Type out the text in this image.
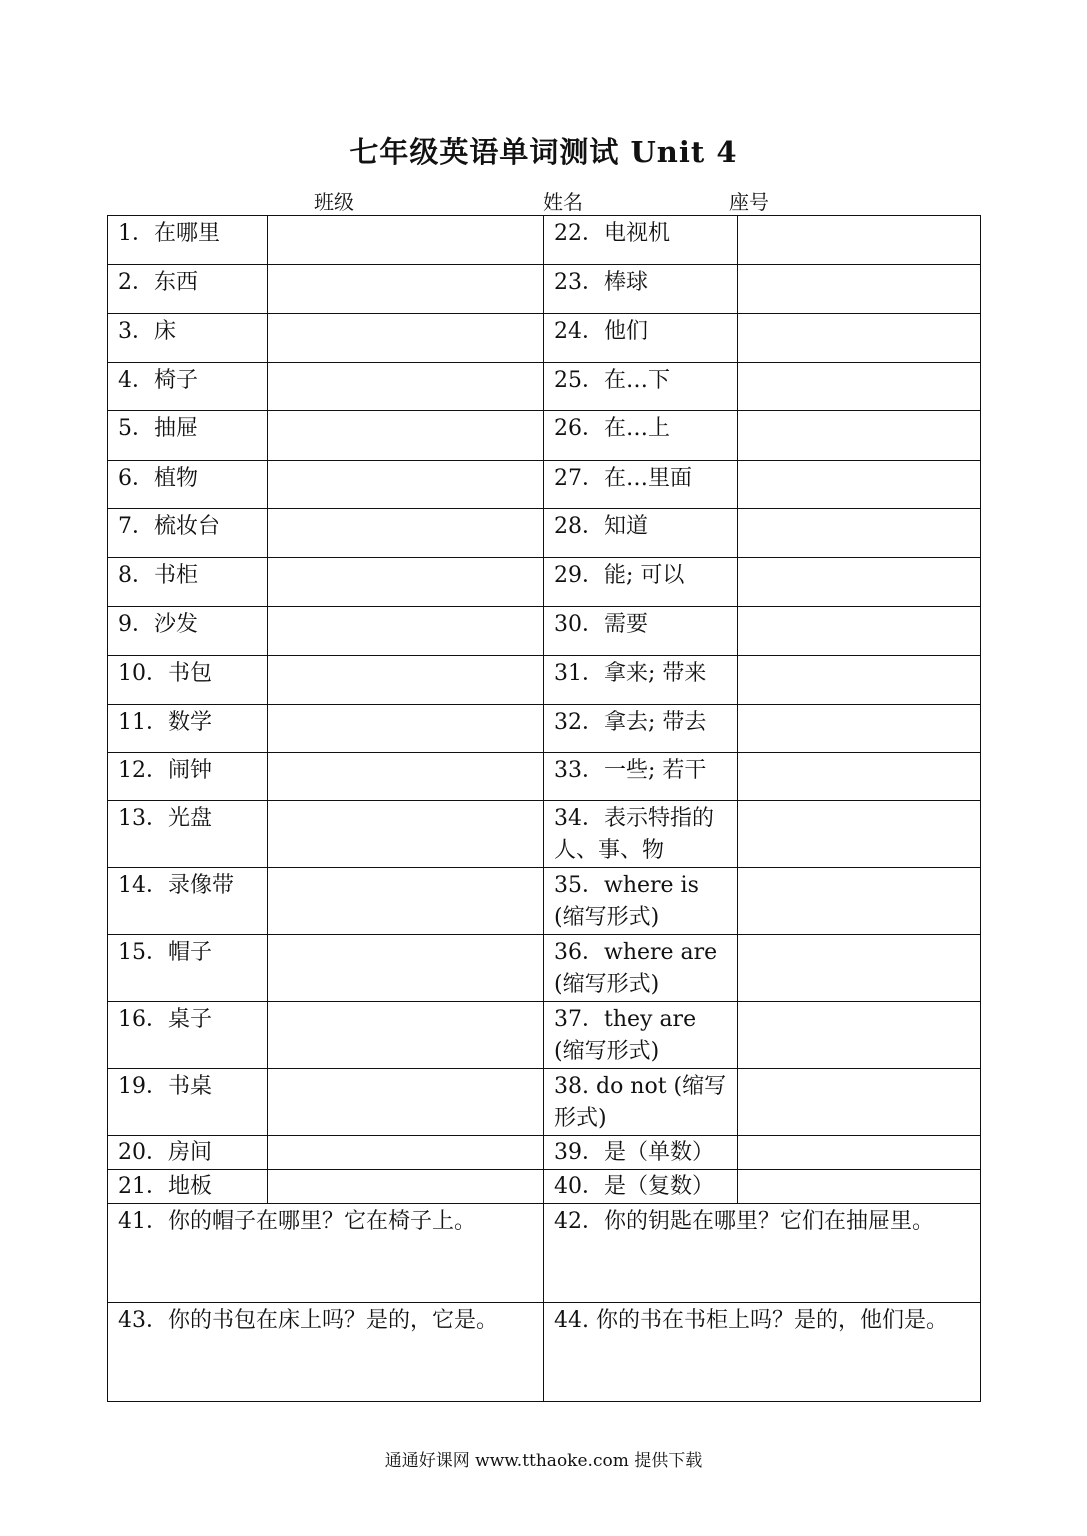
七年级英语单词测试 Unit 4
班级	姓名	座号
1．在哪里		22．电视机	
2．东西		23．棒球	
3．床		24．他们	
4．椅子		25．在…下	
5．抽屉		26．在…上	
6．植物		27．在…里面	
7．梳妆台		28．知道	
8．书柜		29．能; 可以	
9．沙发		30．需要	
10．书包		31．拿来; 带来	
11．数学		32．拿去; 带去	
12．闹钟		33．一些; 若干	
13．光盘		34．表示特指的人、事、物	
14．录像带		35．where is (缩写形式)	
15．帽子		36．where are (缩写形式)	
16．桌子		37．they are (缩写形式)	
19．书桌		38. do not (缩写形式)	
20．房间		39．是（单数）	
21．地板		40．是（复数）	
41．你的帽子在哪里？它在椅子上。		42．你的钥匙在哪里？它们在抽屉里。	
43．你的书包在床上吗？是的，它是。		44. 你的书在书柜上吗？是的，他们是。	
通通好课网 www.tthaoke.com 提供下载
